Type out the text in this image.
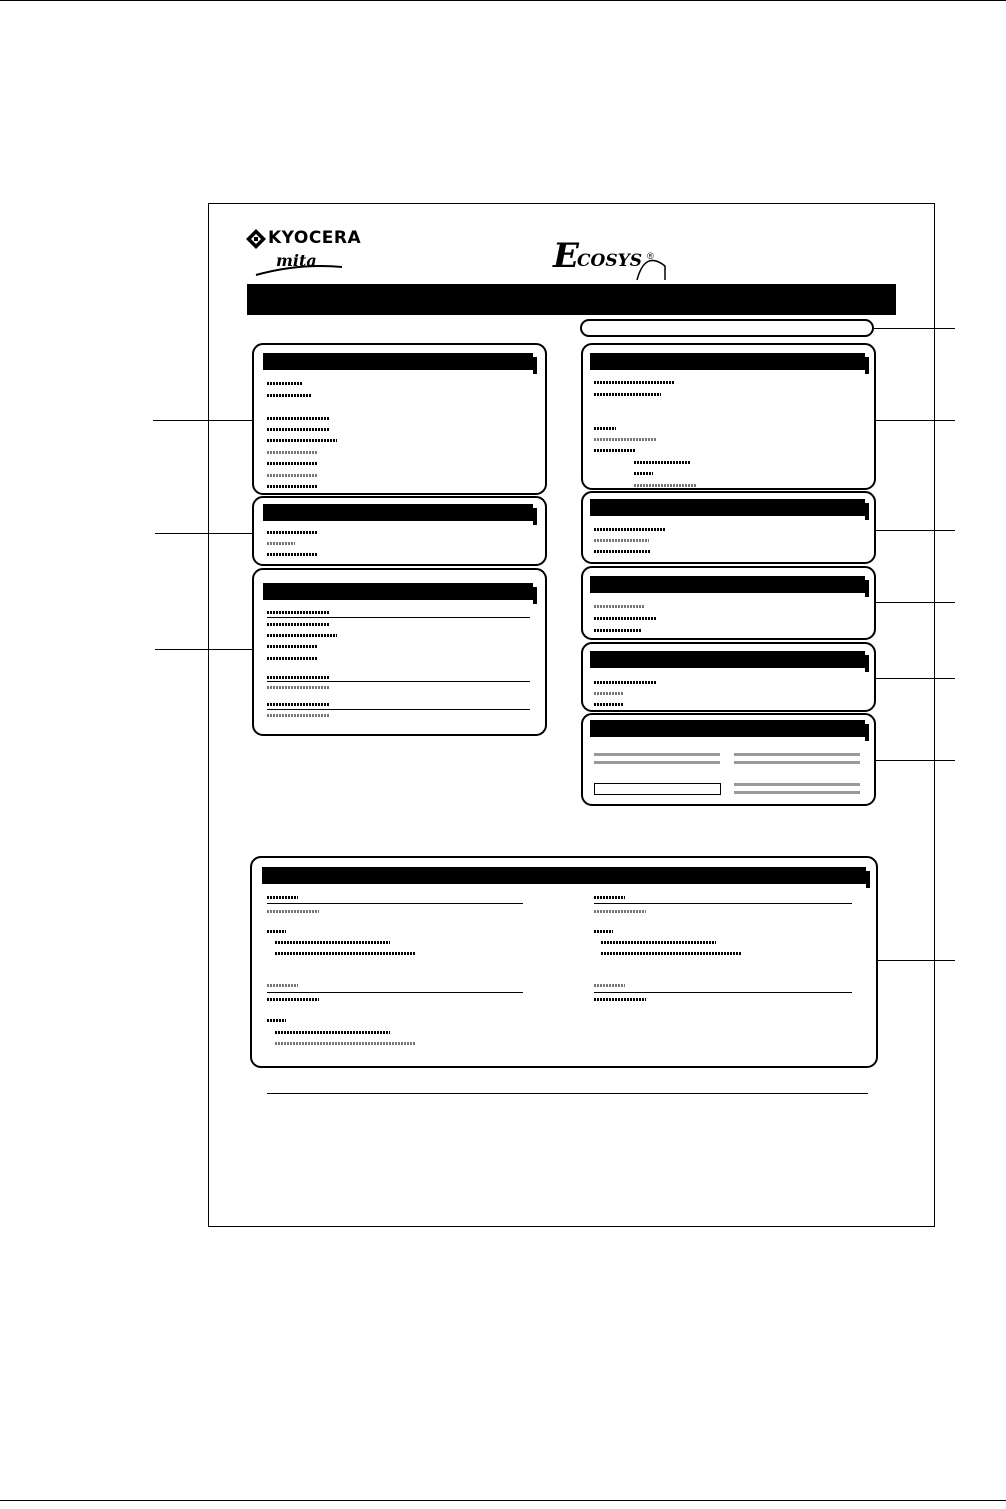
KYOCERA
mita	E
COSYS ®
